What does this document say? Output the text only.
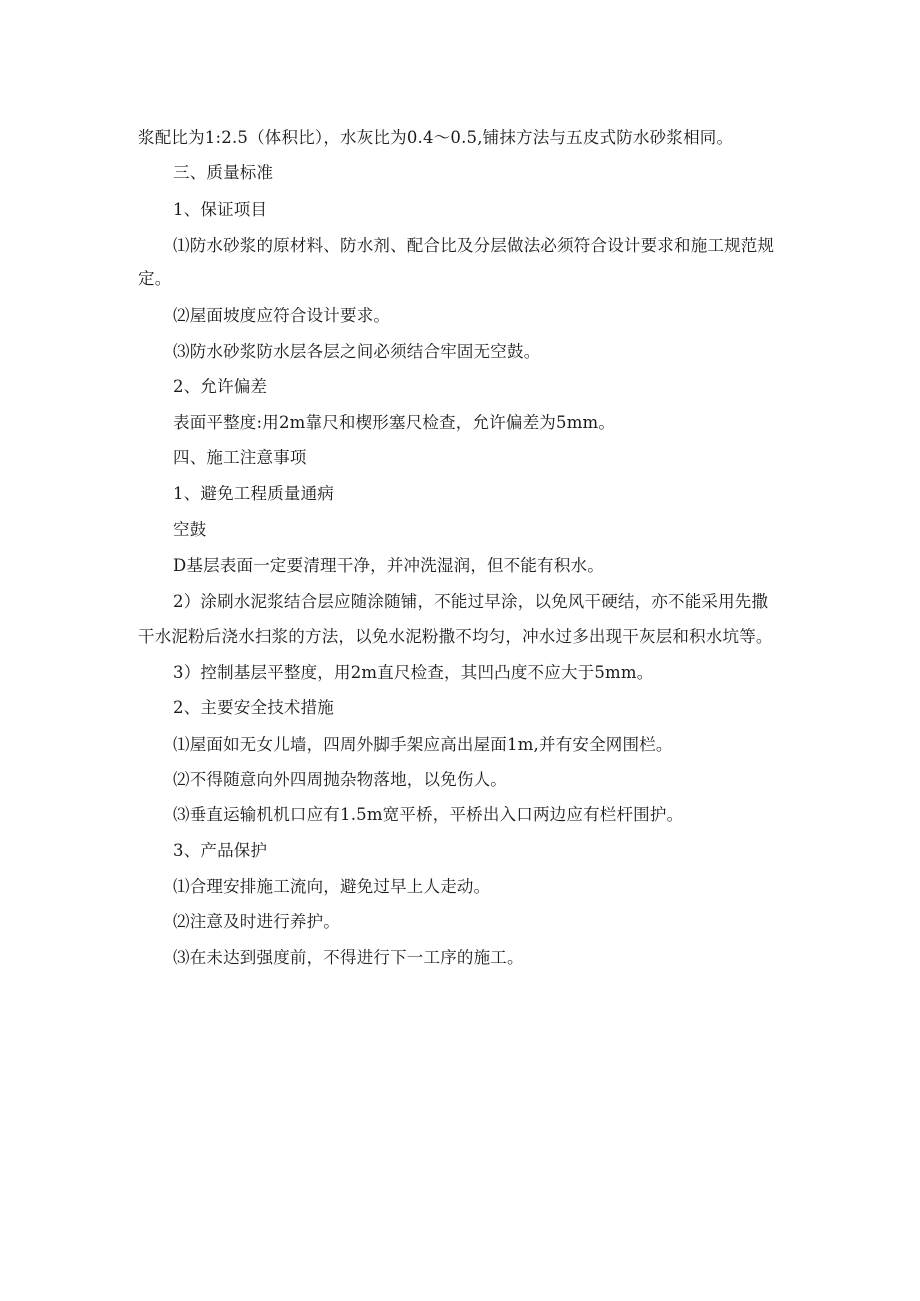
浆配比为1:2.5（体积比），水灰比为0.4～0.5,铺抹方法与五皮式防水砂浆相同。
三、质量标准
1、保证项目
⑴防水砂浆的原材料、防水剂、配合比及分层做法必须符合设计要求和施工规范规
定。
⑵屋面坡度应符合设计要求。
⑶防水砂浆防水层各层之间必须结合牢固无空鼓。
2、允许偏差
表面平整度:用2m靠尺和楔形塞尺检查，允许偏差为5mm。
四、施工注意事项
1、避免工程质量通病
空鼓
D基层表面一定要清理干净，并冲洗湿润，但不能有积水。
2）涂刷水泥浆结合层应随涂随铺，不能过早涂，以免风干硬结，亦不能采用先撒
干水泥粉后浇水扫浆的方法，以免水泥粉撒不均匀，冲水过多出现干灰层和积水坑等。
3）控制基层平整度，用2m直尺检查，其凹凸度不应大于5mm。
2、主要安全技术措施
⑴屋面如无女儿墙，四周外脚手架应高出屋面1m,并有安全网围栏。
⑵不得随意向外四周抛杂物落地，以免伤人。
⑶垂直运输机机口应有1.5m宽平桥，平桥出入口两边应有栏杆围护。
3、产品保护
⑴合理安排施工流向，避免过早上人走动。
⑵注意及时进行养护。
⑶在未达到强度前，不得进行下一工序的施工。
